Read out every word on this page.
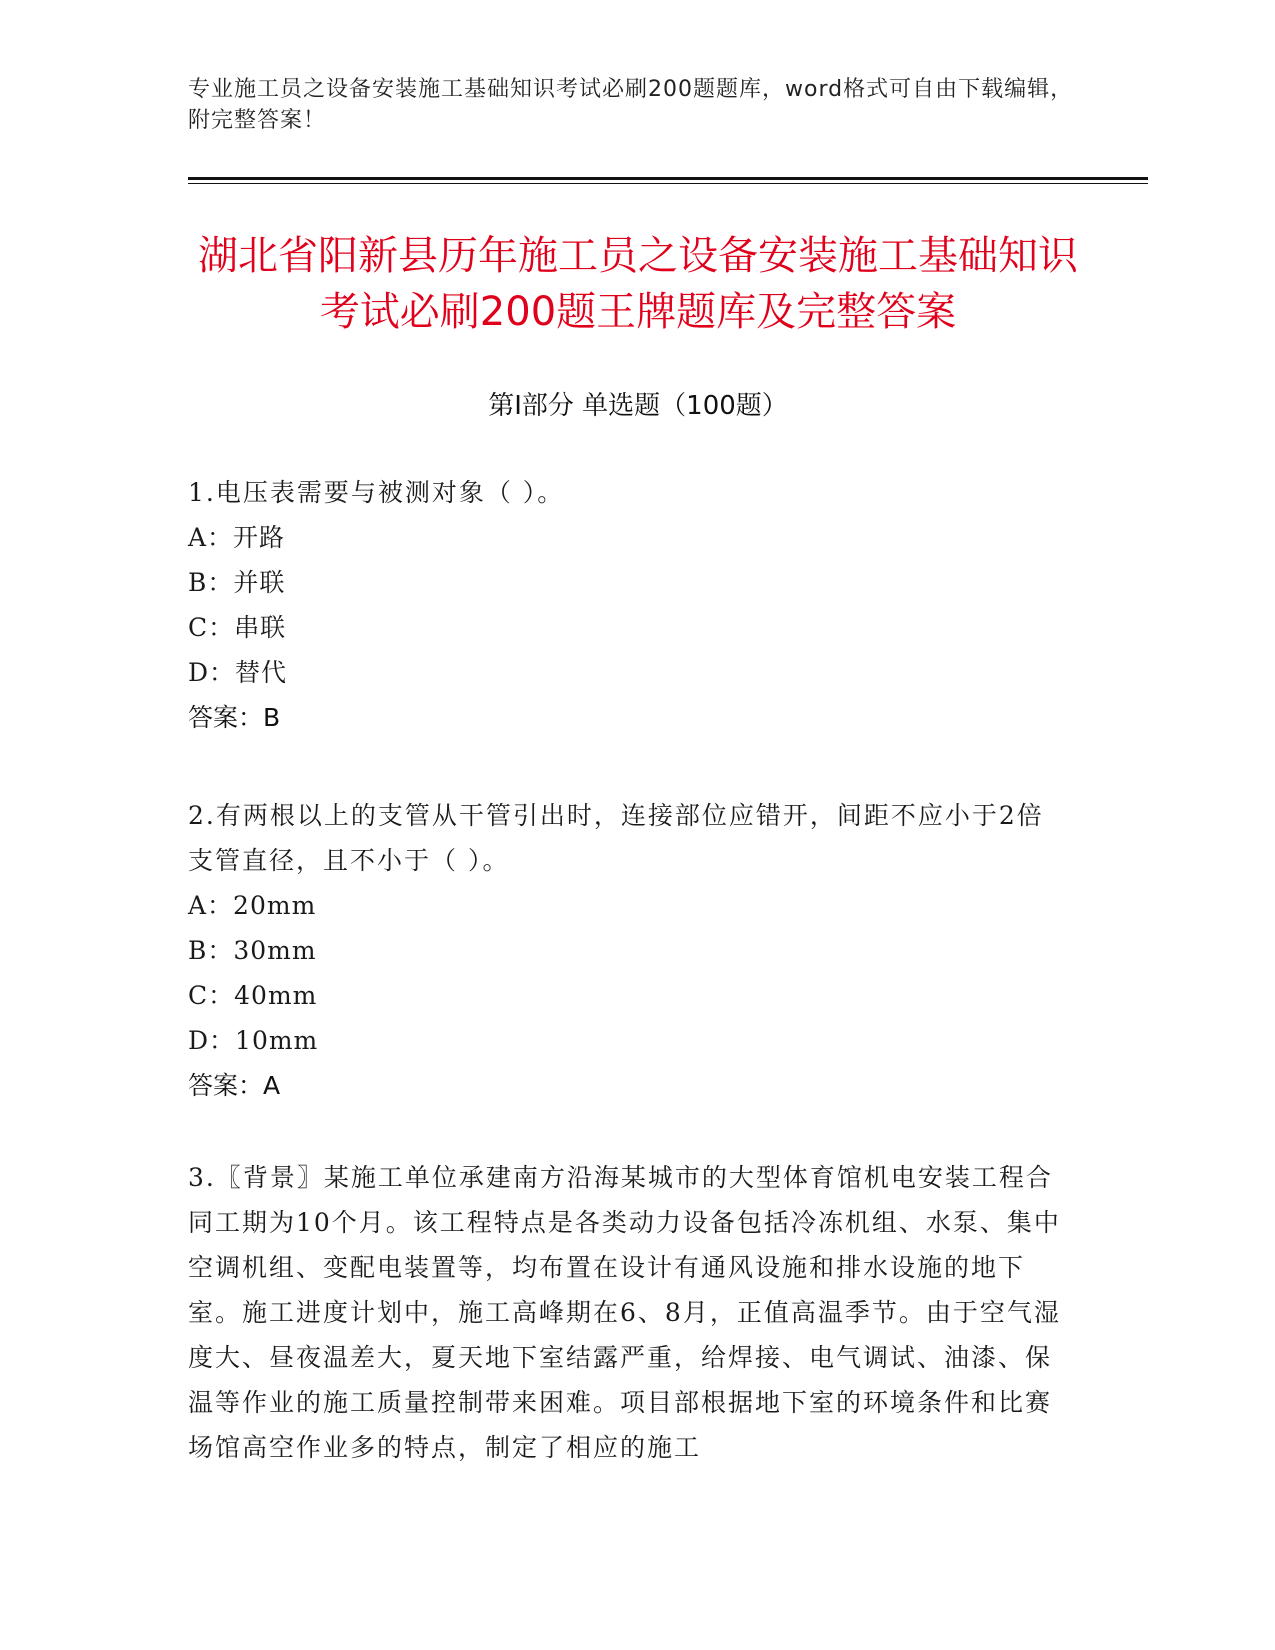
专业施工员之设备安装施工基础知识考试必刷200题题库，word格式可自由下载编辑，附完整答案！
湖北省阳新县历年施工员之设备安装施工基础知识考试必刷200题王牌题库及完整答案
第Ⅰ部分 单选题（100题）
1.电压表需要与被测对象（ ）。
A：开路
B：并联
C：串联
D：替代
答案：B
2.有两根以上的支管从干管引出时，连接部位应错开，间距不应小于2倍支管直径，且不小于（ ）。
A：20mm
B：30mm
C：40mm
D：10mm
答案：A
3.〖背景〗某施工单位承建南方沿海某城市的大型体育馆机电安装工程合同工期为10个月。该工程特点是各类动力设备包括冷冻机组、水泵、集中空调机组、变配电装置等，均布置在设计有通风设施和排水设施的地下室。施工进度计划中，施工高峰期在6、8月，正值高温季节。由于空气湿度大、昼夜温差大，夏天地下室结露严重，给焊接、电气调试、油漆、保温等作业的施工质量控制带来困难。项目部根据地下室的环境条件和比赛场馆高空作业多的特点，制定了相应的施工
